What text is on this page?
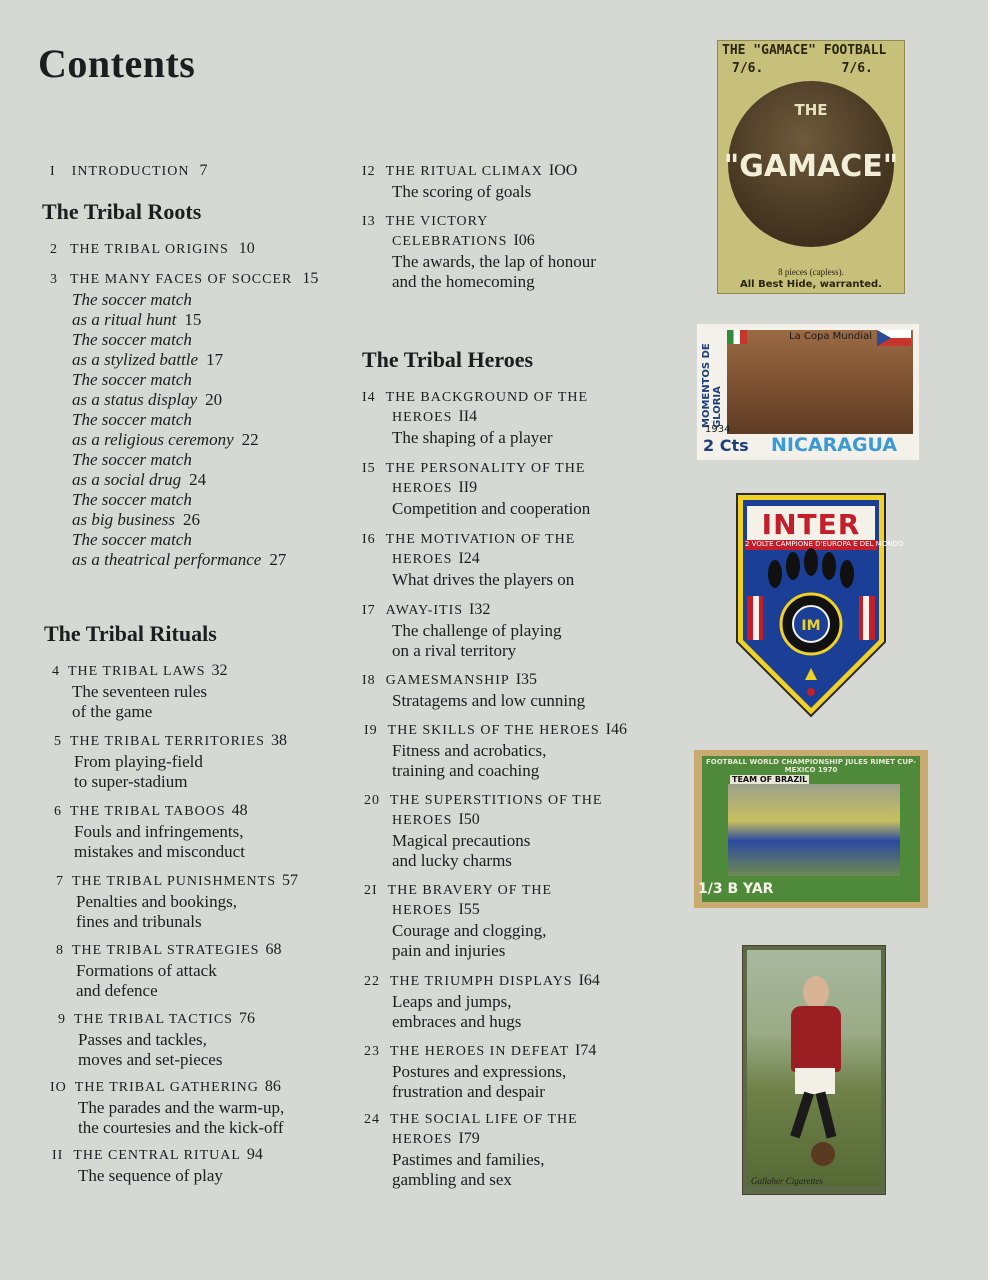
Contents
I INTRODUCTION 7
The Tribal Roots
2 THE TRIBAL ORIGINS 10
3 THE MANY FACES OF SOCCER 15
The soccer match
as a ritual hunt 15
The soccer match
as a stylized battle 17
The soccer match
as a status display 20
The soccer match
as a religious ceremony 22
The soccer match
as a social drug 24
The soccer match
as big business 26
The soccer match
as a theatrical performance 27
The Tribal Rituals
4 THE TRIBAL LAWS 32
The seventeen rules
of the game
5 THE TRIBAL TERRITORIES 38
From playing-field
to super-stadium
6 THE TRIBAL TABOOS 48
Fouls and infringements,
mistakes and misconduct
7 THE TRIBAL PUNISHMENTS 57
Penalties and bookings,
fines and tribunals
8 THE TRIBAL STRATEGIES 68
Formations of attack
and defence
9 THE TRIBAL TACTICS 76
Passes and tackles,
moves and set-pieces
IO THE TRIBAL GATHERING 86
The parades and the warm-up,
the courtesies and the kick-off
II THE CENTRAL RITUAL 94
The sequence of play
I2 THE RITUAL CLIMAX IOO
The scoring of goals
I3 THE VICTORY
CELEBRATIONS I06
The awards, the lap of honour
and the homecoming
The Tribal Heroes
I4 THE BACKGROUND OF THE
HEROES II4
The shaping of a player
I5 THE PERSONALITY OF THE
HEROES II9
Competition and cooperation
I6 THE MOTIVATION OF THE
HEROES I24
What drives the players on
I7 AWAY-ITIS I32
The challenge of playing
on a rival territory
I8 GAMESMANSHIP I35
Stratagems and low cunning
I9 THE SKILLS OF THE HEROES I46
Fitness and acrobatics,
training and coaching
20 THE SUPERSTITIONS OF THE
HEROES I50
Magical precautions
and lucky charms
2I THE BRAVERY OF THE
HEROES I55
Courage and clogging,
pain and injuries
22 THE TRIUMPH DISPLAYS I64
Leaps and jumps,
embraces and hugs
23 THE HEROES IN DEFEAT I74
Postures and expressions,
frustration and despair
24 THE SOCIAL LIFE OF THE
HEROES I79
Pastimes and families,
gambling and sex
THE "GAMACE" FOOTBALL
7/6.          7/6.
THE
"GAMACE"
8 pieces (capless).
All Best Hide, warranted.
La Copa Mundial
MOMENTOS DE GLORIA
1934
2 Cts NICARAGUA
IM
INTER
2 VOLTE CAMPIONE D'EUROPA E DEL MONDO
FOOTBALL WORLD CHAMPIONSHIP JULES RIMET CUP-MEXICO 1970
TEAM OF BRAZIL
1/3 B YAR
Gallaher Cigarettes
